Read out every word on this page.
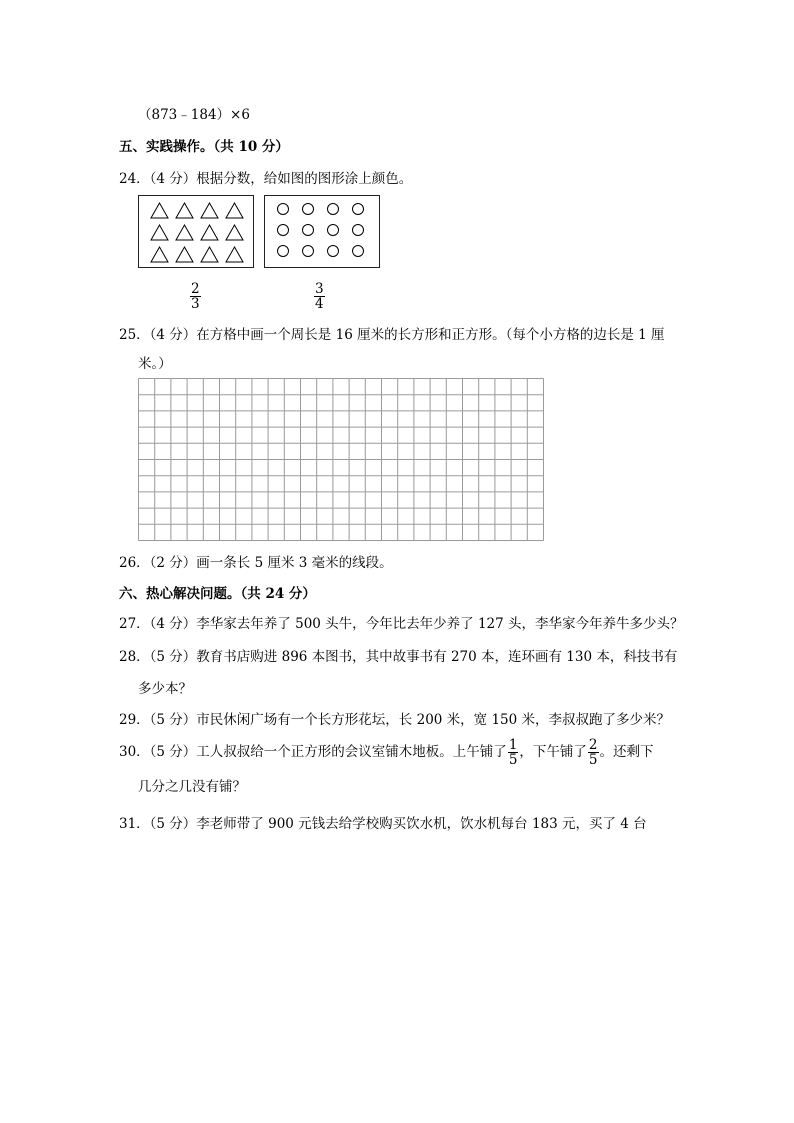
（873﹣184）×6
五、实践操作。（共 10 分）
24．（4 分）根据分数，给如图的图形涂上颜色。
$\frac{2}{3}$	$\frac{3}{4}$
25．（4 分）在方格中画一个周长是 16 厘米的长方形和正方形。（每个小方格的边长是 1 厘
米。）
26．（2 分）画一条长 5 厘米 3 毫米的线段。
六、热心解决问题。（共 24 分）
27．（4 分）李华家去年养了 500 头牛，今年比去年少养了 127 头，李华家今年养牛多少头？
28．（5 分）教育书店购进 896 本图书，其中故事书有 270 本，连环画有 130 本，科技书有
多少本？
29．（5 分）市民休闲广场有一个长方形花坛，长 200 米，宽 150 米，李叔叔跑了多少米？
30．（5 分）工人叔叔给一个正方形的会议室铺木地板。上午铺了 $\frac{1}{5}$ ，下午铺了 $\frac{2}{5}$ 。还剩下
几分之几没有铺？
31．（5 分）李老师带了 900 元钱去给学校购买饮水机，饮水机每台 183 元，买了 4 台
